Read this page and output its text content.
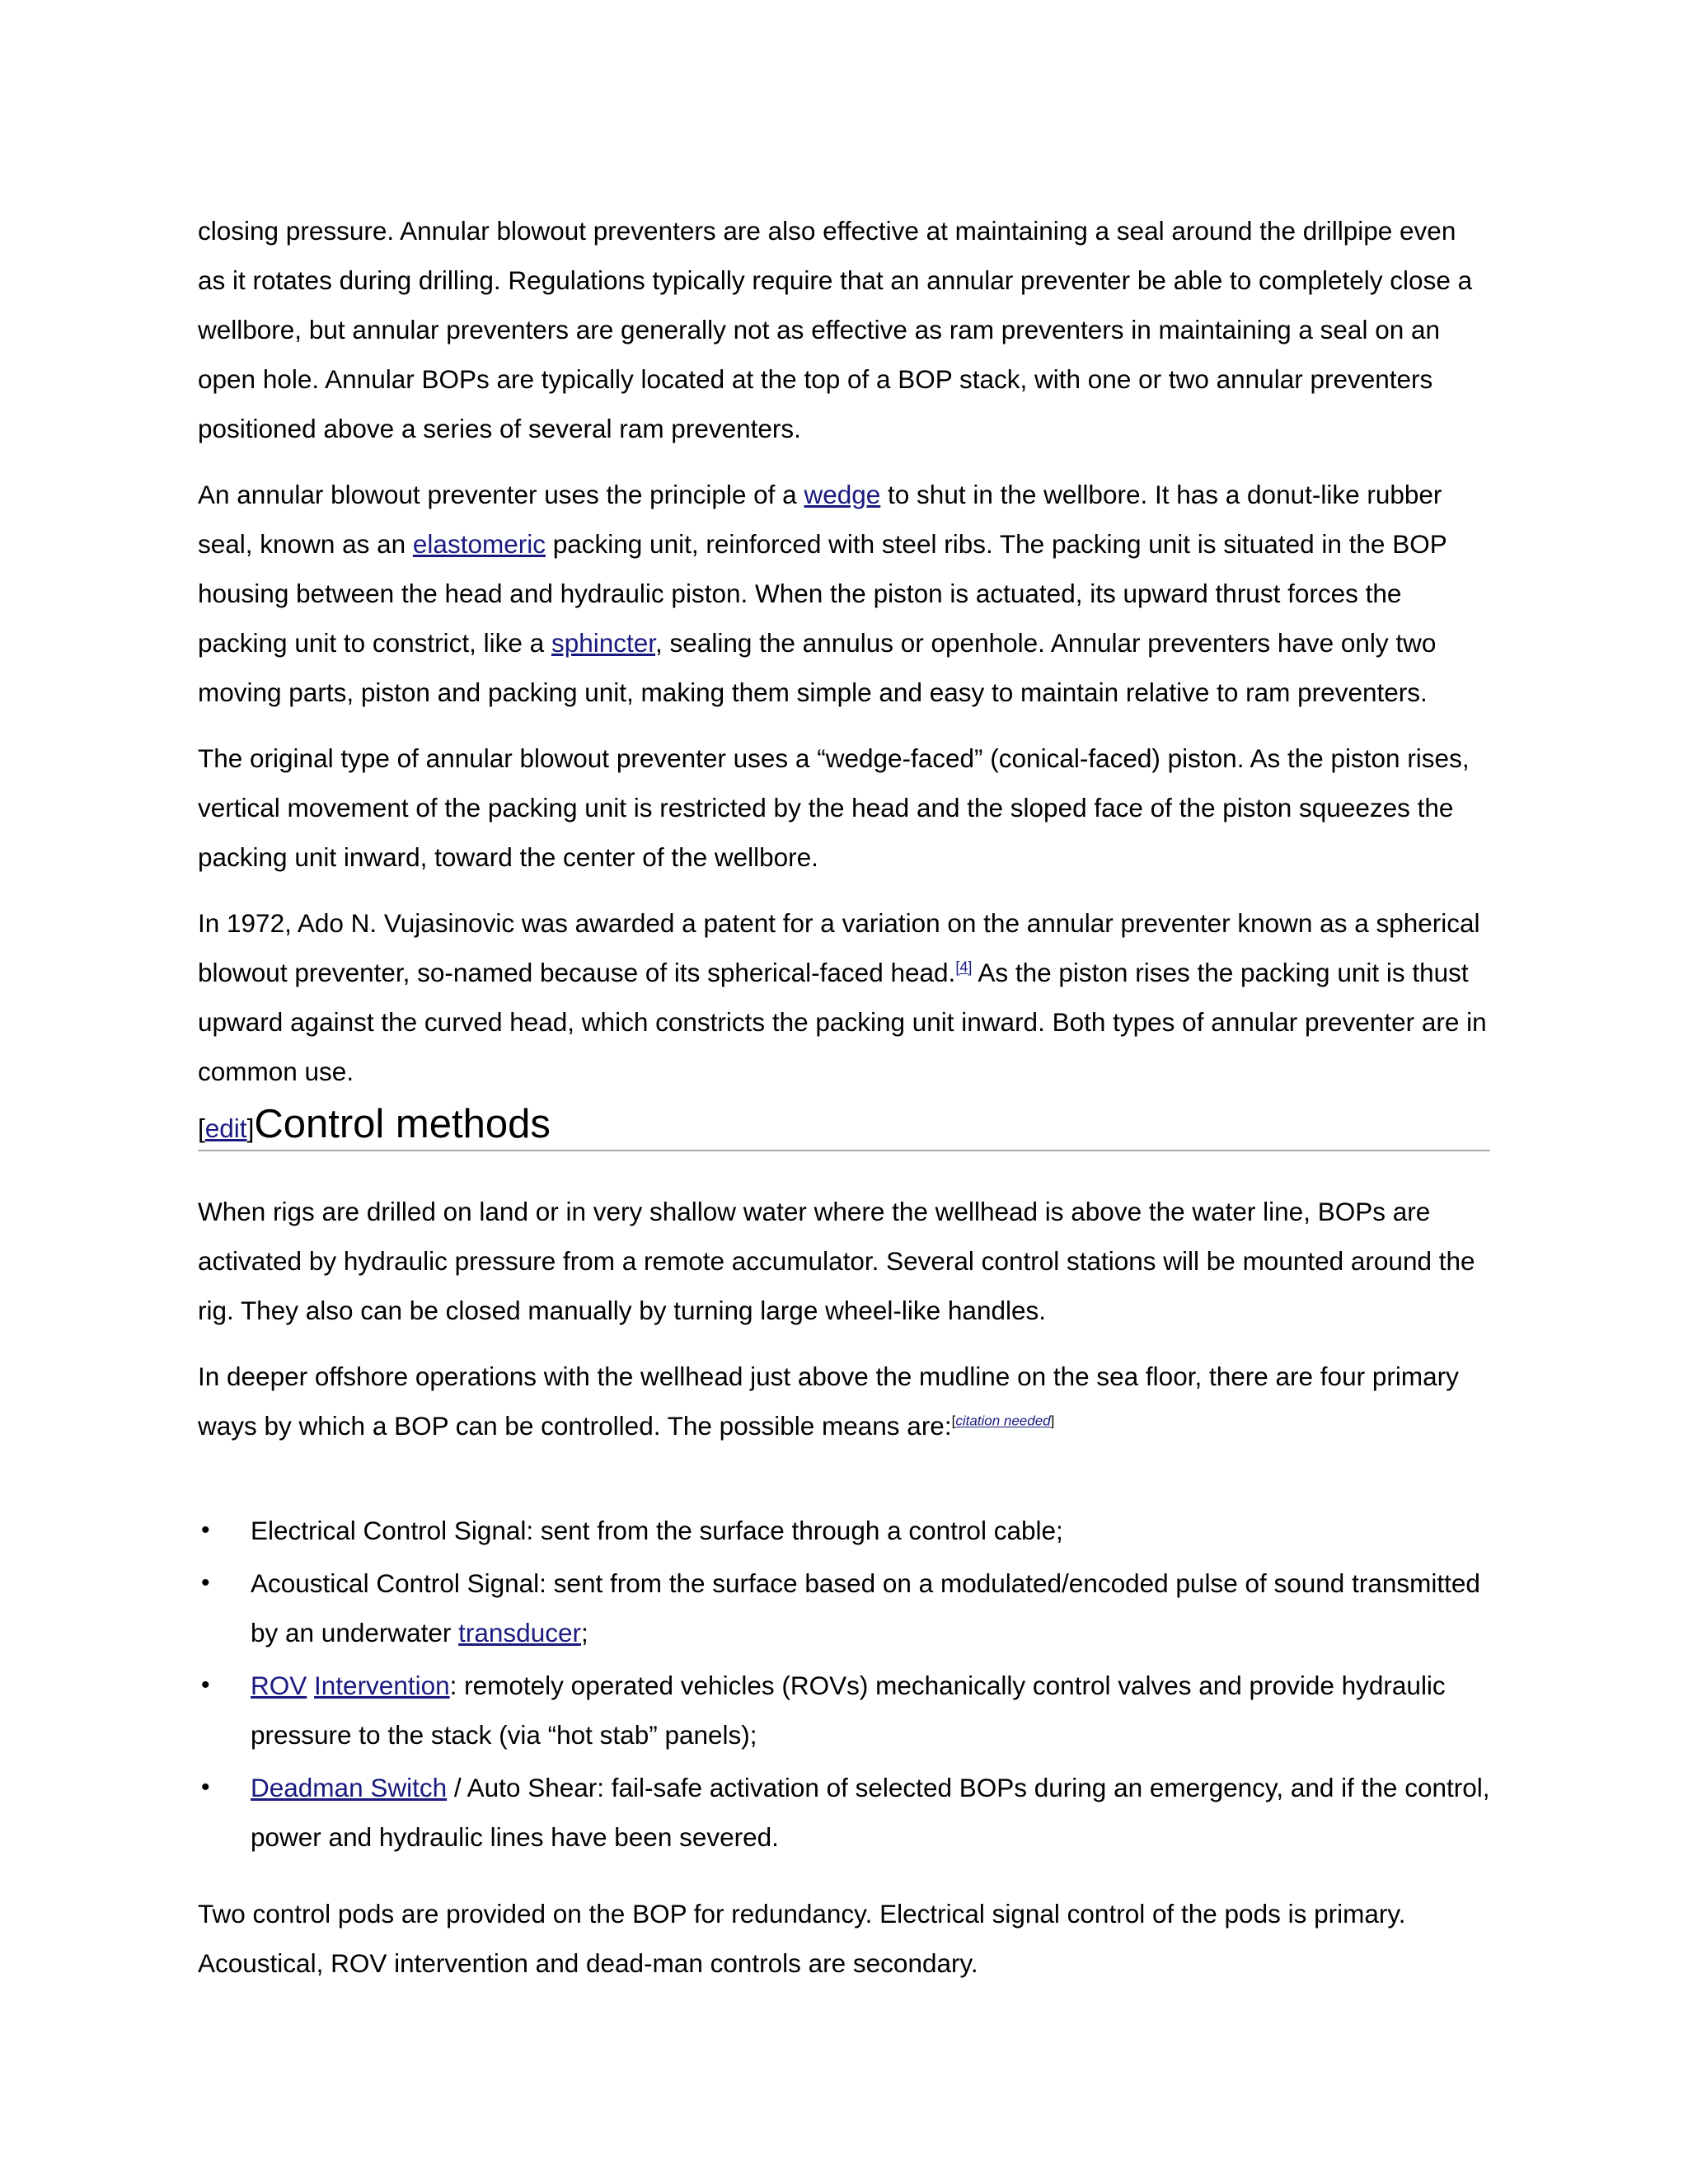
closing pressure. Annular blowout preventers are also effective at maintaining a seal around the drillpipe even as it rotates during drilling. Regulations typically require that an annular preventer be able to completely close a wellbore, but annular preventers are generally not as effective as ram preventers in maintaining a seal on an open hole. Annular BOPs are typically located at the top of a BOP stack, with one or two annular preventers positioned above a series of several ram preventers.

An annular blowout preventer uses the principle of a wedge to shut in the wellbore. It has a donut-like rubber seal, known as an elastomeric packing unit, reinforced with steel ribs. The packing unit is situated in the BOP housing between the head and hydraulic piston. When the piston is actuated, its upward thrust forces the packing unit to constrict, like a sphincter, sealing the annulus or openhole. Annular preventers have only two moving parts, piston and packing unit, making them simple and easy to maintain relative to ram preventers.

The original type of annular blowout preventer uses a “wedge-faced” (conical-faced) piston. As the piston rises, vertical movement of the packing unit is restricted by the head and the sloped face of the piston squeezes the packing unit inward, toward the center of the wellbore.

In 1972, Ado N. Vujasinovic was awarded a patent for a variation on the annular preventer known as a spherical blowout preventer, so-named because of its spherical-faced head.[4] As the piston rises the packing unit is thust upward against the curved head, which constricts the packing unit inward. Both types of annular preventer are in common use.

[edit]Control methods

When rigs are drilled on land or in very shallow water where the wellhead is above the water line, BOPs are activated by hydraulic pressure from a remote accumulator. Several control stations will be mounted around the rig. They also can be closed manually by turning large wheel-like handles.

In deeper offshore operations with the wellhead just above the mudline on the sea floor, there are four primary ways by which a BOP can be controlled. The possible means are:[citation needed]

• Electrical Control Signal: sent from the surface through a control cable;
• Acoustical Control Signal: sent from the surface based on a modulated/encoded pulse of sound transmitted by an underwater transducer;
• ROV Intervention: remotely operated vehicles (ROVs) mechanically control valves and provide hydraulic pressure to the stack (via “hot stab” panels);
• Deadman Switch / Auto Shear: fail-safe activation of selected BOPs during an emergency, and if the control, power and hydraulic lines have been severed.

Two control pods are provided on the BOP for redundancy. Electrical signal control of the pods is primary. Acoustical, ROV intervention and dead-man controls are secondary.
